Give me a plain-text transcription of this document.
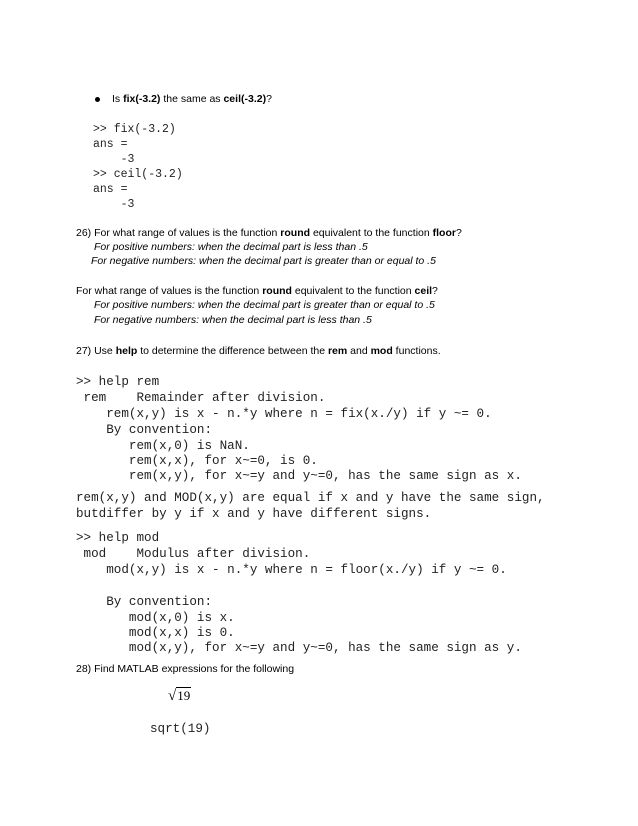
Is fix(-3.2) the same as ceil(-3.2)?
>> fix(-3.2)
ans =
-3
>> ceil(-3.2)
ans =
-3
26) For what range of values is the function round equivalent to the function floor?
For positive numbers: when the decimal part is less than .5
For negative numbers: when the decimal part is greater than or equal to .5
For what range of values is the function round equivalent to the function ceil?
For positive numbers: when the decimal part is greater than or equal to .5
For negative numbers: when the decimal part is less than .5
27) Use help to determine the difference between the rem and mod functions.
>> help rem
rem    Remainder after division.
rem(x,y) is x - n.*y where n = fix(x./y) if y ~= 0.
By convention:
rem(x,0) is NaN.
rem(x,x), for x~=0, is 0.
rem(x,y), for x~=y and y~=0, has the same sign as x.
rem(x,y) and MOD(x,y) are equal if x and y have the same sign,
butdiffer by y if x and y have different signs.
>> help mod
mod    Modulus after division.
mod(x,y) is x - n.*y where n = floor(x./y) if y ~= 0.
By convention:
mod(x,0) is x.
mod(x,x) is 0.
mod(x,y), for x~=y and y~=0, has the same sign as y.
28) Find MATLAB expressions for the following
√19
sqrt(19)
